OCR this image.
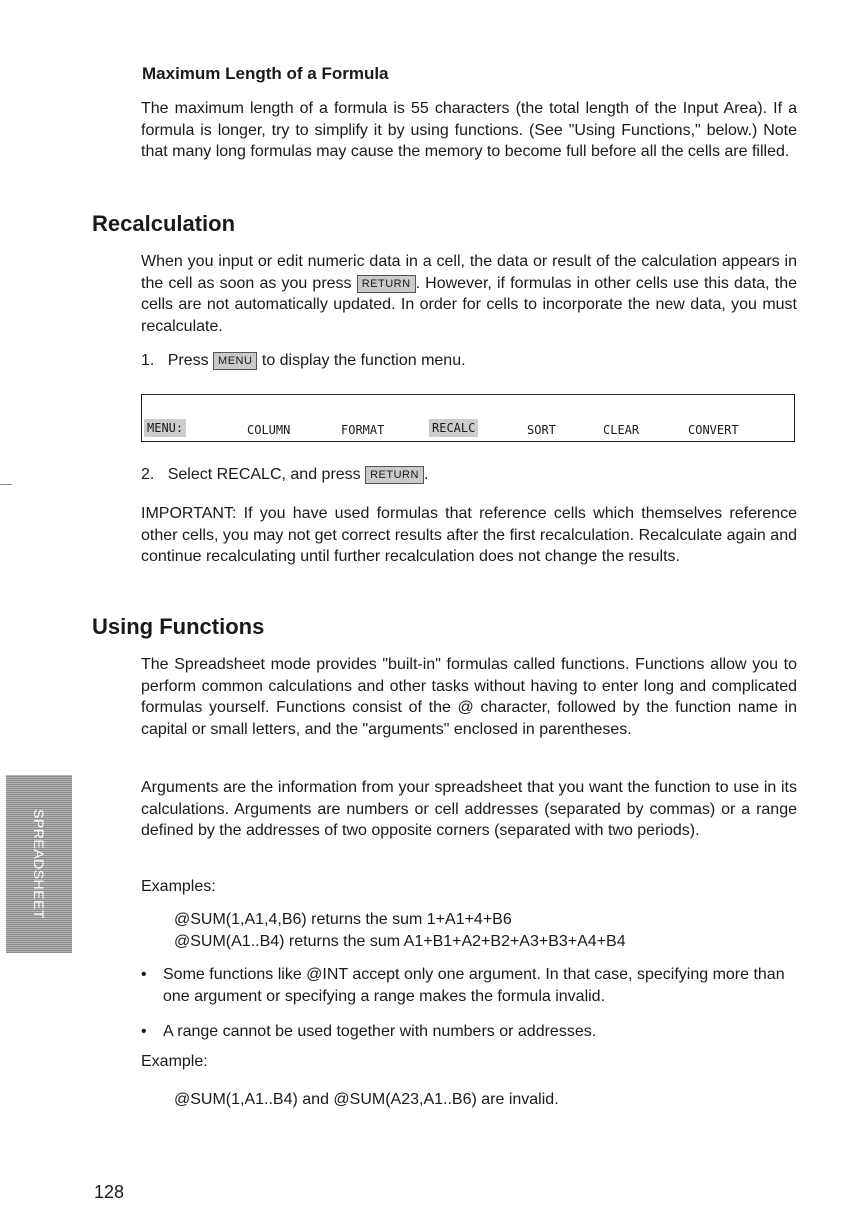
Maximum Length of a Formula
The maximum length of a formula is 55 characters (the total length of the Input Area). If a formula is longer, try to simplify it by using functions. (See "Using Functions," below.) Note that many long formulas may cause the memory to become full before all the cells are filled.
Recalculation
When you input or edit numeric data in a cell, the data or result of the calculation appears in the cell as soon as you press RETURN . However, if formulas in other cells use this data, the cells are not automatically updated. In order for cells to incorporate the new data, you must recalculate.
1. Press MENU to display the function menu.
MENU:	COLUMN	FORMAT	RECALC	SORT	CLEAR	CONVERT
2. Select RECALC, and press RETURN .
IMPORTANT: If you have used formulas that reference cells which themselves reference other cells, you may not get correct results after the first recalculation. Recalculate again and continue recalculating until further recalculation does not change the results.
Using Functions
The Spreadsheet mode provides "built-in" formulas called functions. Functions allow you to perform common calculations and other tasks without having to enter long and complicated formulas yourself. Functions consist of the @ character, followed by the function name in capital or small letters, and the "arguments" enclosed in parentheses.
Arguments are the information from your spreadsheet that you want the function to use in its calculations. Arguments are numbers or cell addresses (separated by commas) or a range defined by the addresses of two opposite corners (separated with two periods).
Examples:
@SUM(1,A1,4,B6) returns the sum 1+A1+4+B6
@SUM(A1..B4) returns the sum A1+B1+A2+B2+A3+B3+A4+B4
• Some functions like @INT accept only one argument. In that case, specifying more than one argument or specifying a range makes the formula invalid.
• A range cannot be used together with numbers or addresses.
Example:
@SUM(1,A1..B4) and @SUM(A23,A1..B6) are invalid.
SPREADSHEET
128
